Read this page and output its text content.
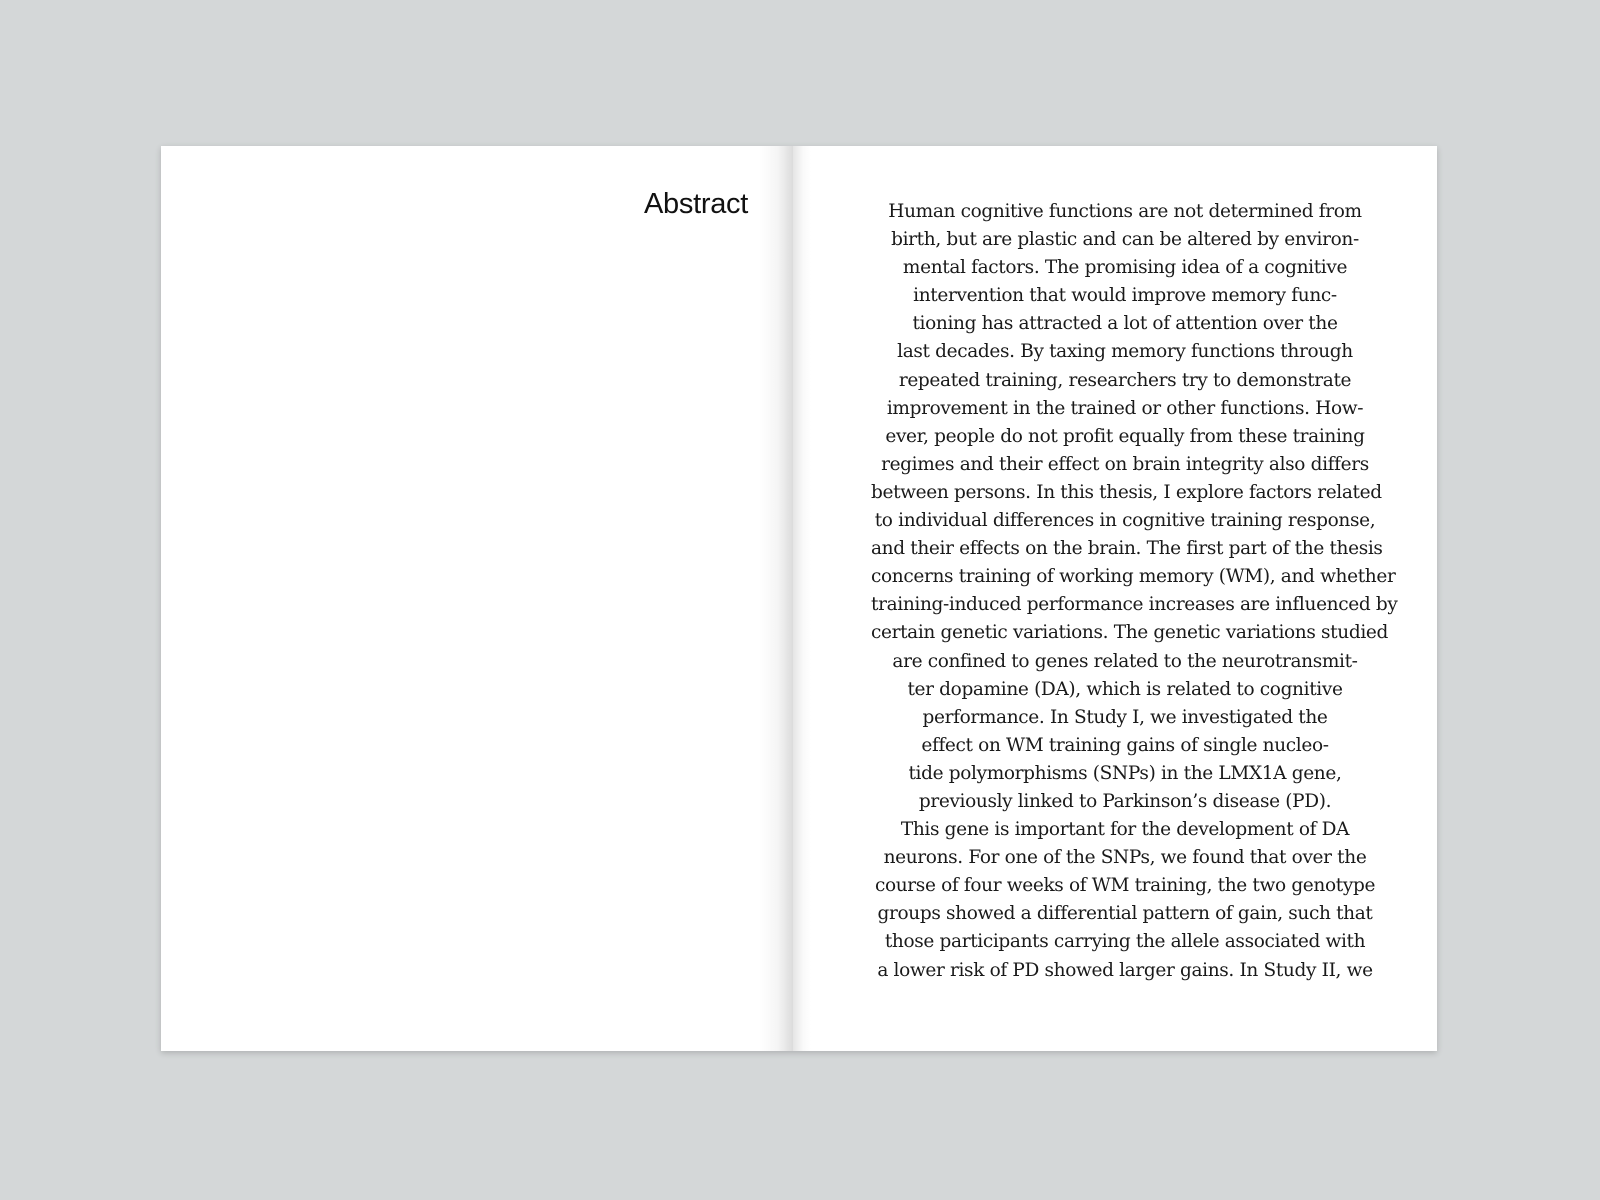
Abstract	Human cognitive functions are not determined from
birth, but are plastic and can be altered by environ-
mental factors. The promising idea of a cognitive
intervention that would improve memory func-
tioning has attracted a lot of attention over the
last decades. By taxing memory functions through
repeated training, researchers try to demonstrate
improvement in the trained or other functions. How-
ever, people do not profit equally from these training
regimes and their effect on brain integrity also differs
between persons. In this thesis, I explore factors related
to individual differences in cognitive training response,
and their effects on the brain. The first part of the thesis
concerns training of working memory (WM), and whether
training-induced performance increases are influenced by
certain genetic variations. The genetic variations studied
are confined to genes related to the neurotransmit-
ter dopamine (DA), which is related to cognitive
performance. In Study I, we investigated the
effect on WM training gains of single nucleo-
tide polymorphisms (SNPs) in the LMX1A gene,
previously linked to Parkinson’s disease (PD).
This gene is important for the development of DA
neurons. For one of the SNPs, we found that over the
course of four weeks of WM training, the two genotype
groups showed a differential pattern of gain, such that
those participants carrying the allele associated with
a lower risk of PD showed larger gains. In Study II, we
